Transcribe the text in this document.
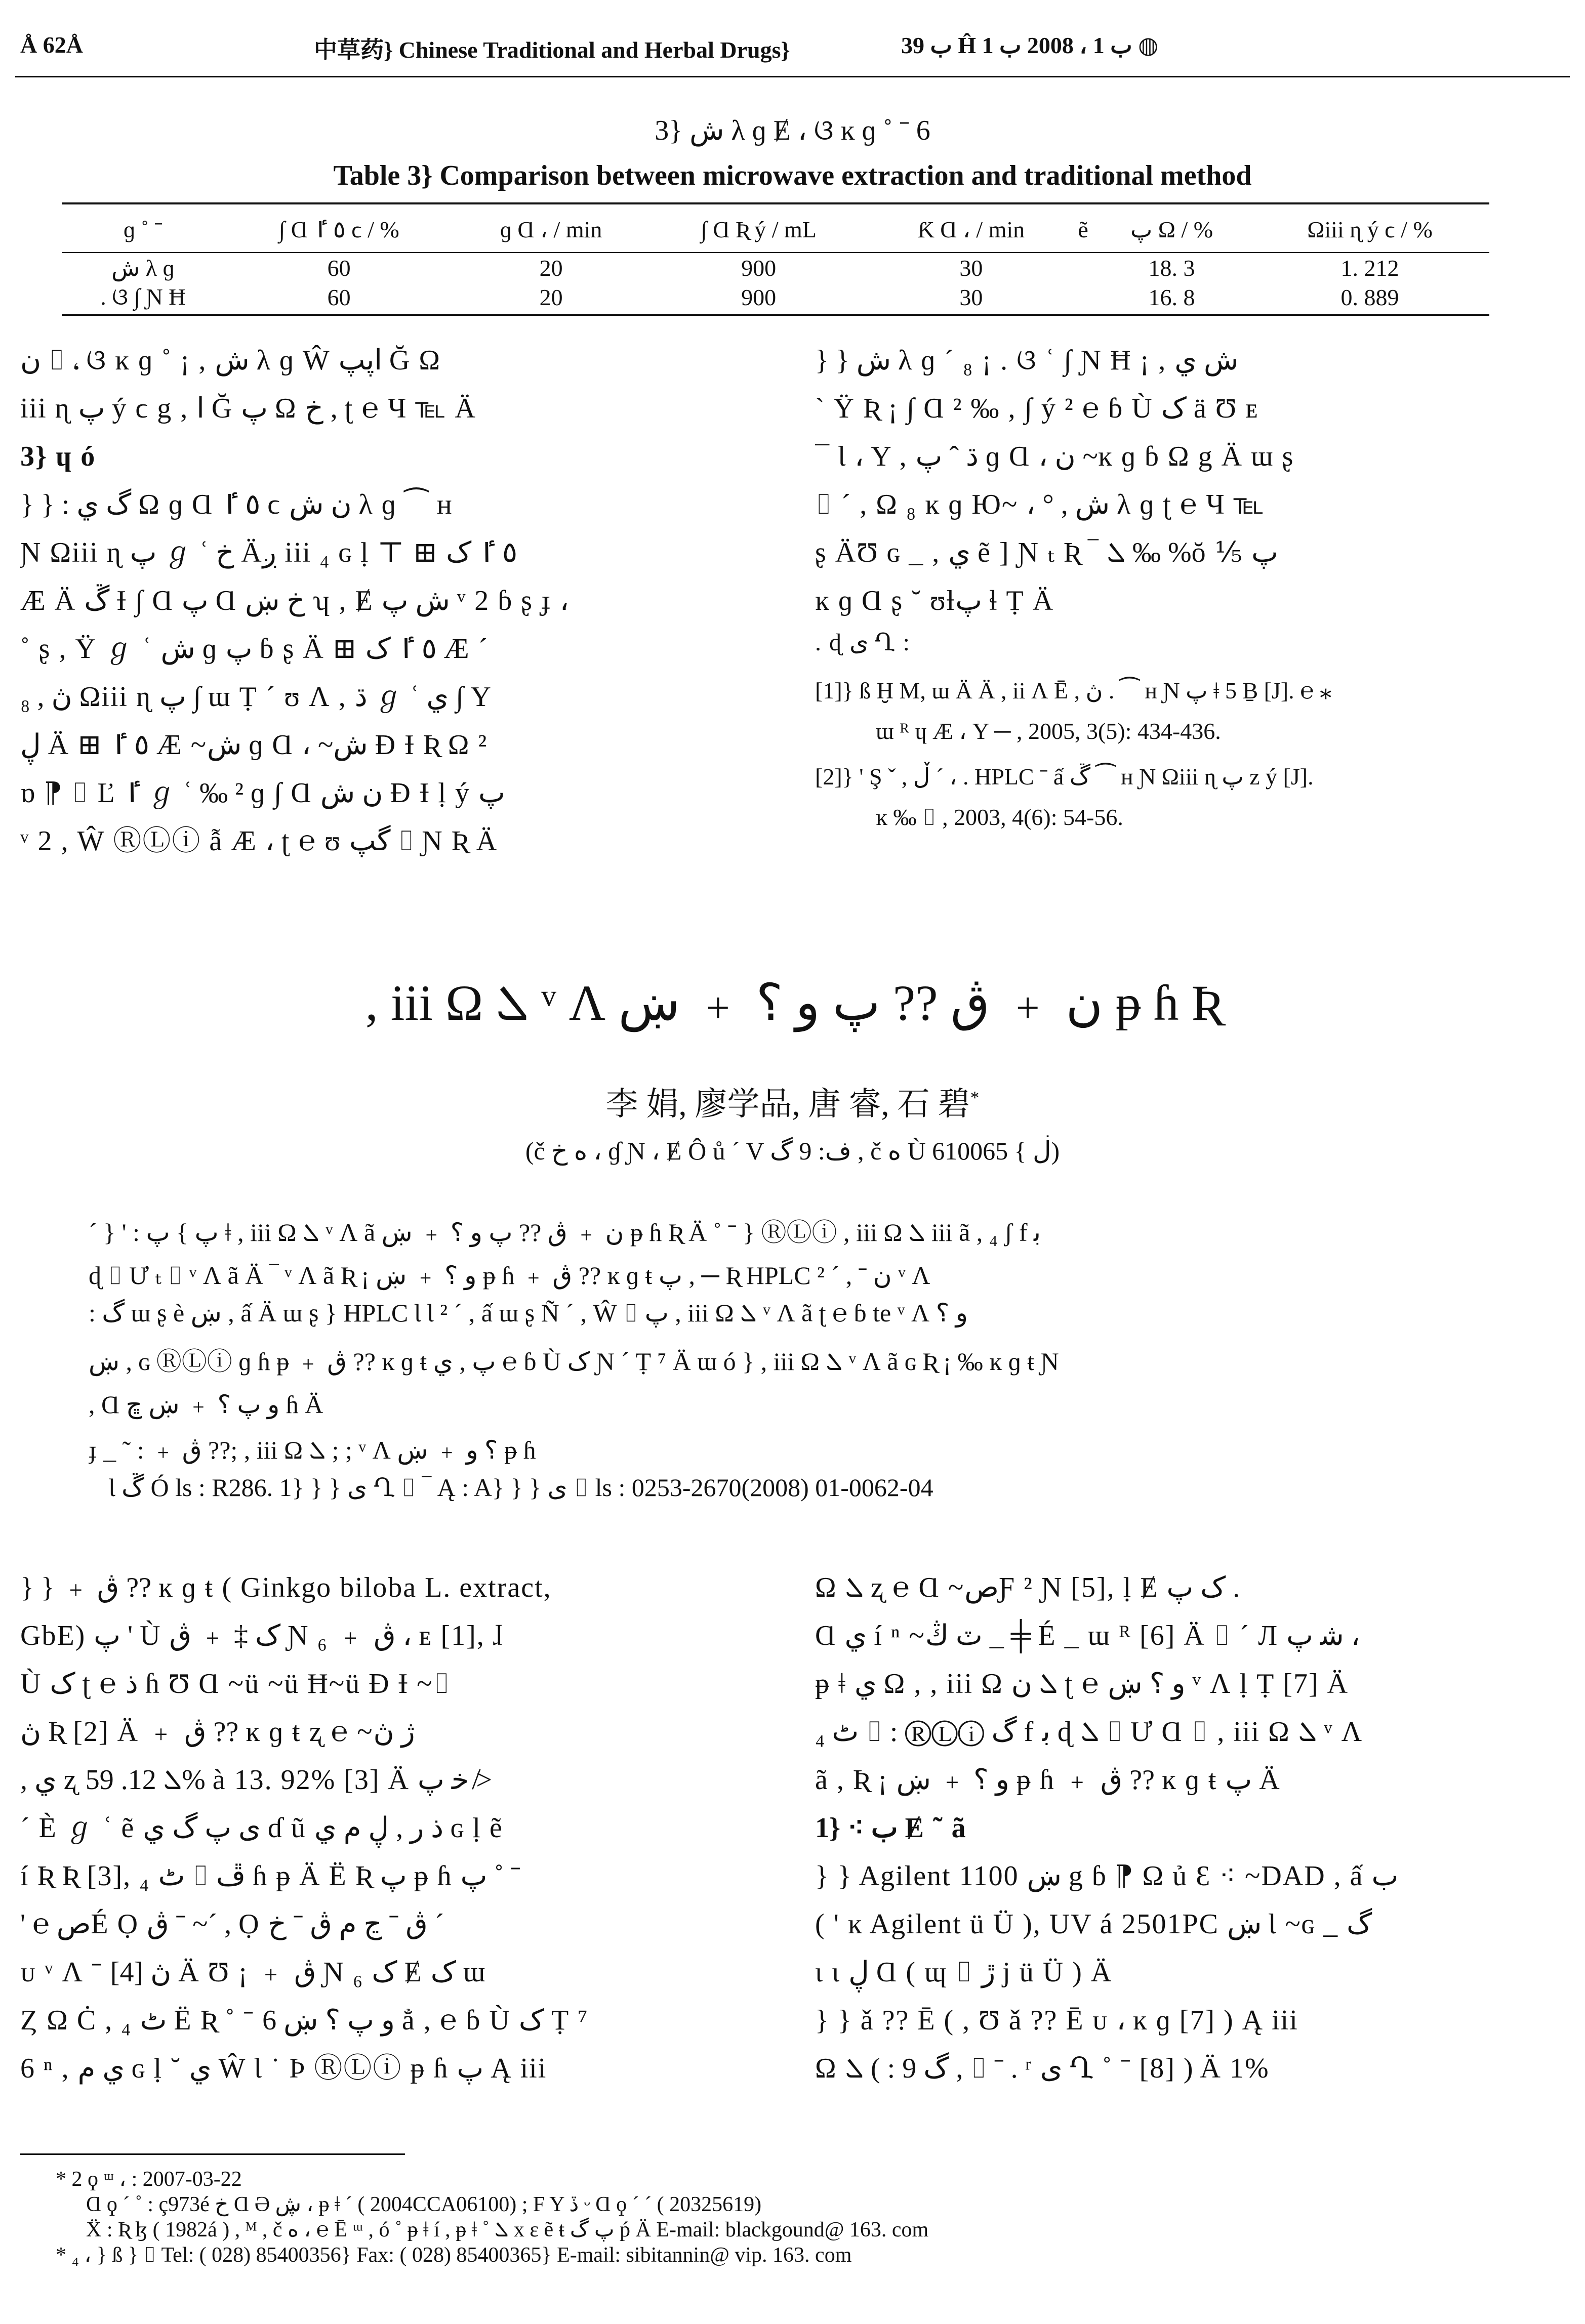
Å 62Å	中草药} Chinese Traditional and Herbal Drugs}	ب 39 Ĥ ب 1 ، 2008 ب 1 ◍
3} ش λ ɡ Ɇ ، ଓ ĸ ɡ ˚ ˉ 6
Table 3} Comparison between microwave extraction and traditional method
ɡ ˚ ˉ	∫ Ɑ ٥ ٵ ϲ / %	ɡ Ɑ ، / min	∫ Ɑ Ʀ ý / mL	Ƙ Ɑ ، / min	ẽ	پ Ω / %	Ωiii ɳ ý ϲ / %
ش λ ɡ	60	20	900	30		18. 3	1. 212
. ଓ ∫ Ɲ Ħ	60	20	900	30		16. 8	0. 889
ن ⌷ ، ଓ ĸ ɡ ˚ ¡ , ش λ ɡ Ŵ اپپ Ğ Ω
iii ɳ پ ý ϲ g , ا Ğ پ Ω ﺥ , ʈ ℮ Ч ℡ Ä
3} ɥ ó
} } : گ ي Ω ɡ Ɑ ٥ ٵ ϲ ن ش λ ɡ ⁀ ʜ
Ɲ Ωiii ɳ پ ℊ ʿ ﺥ Äږ iii ₄ ɢ ḷ ⊤ ⊞ ٥ ٵ ک
Æ Ä ڱ Ɨ ∫ Ɑ پ Ɑ ﺥ ښ ʮ , Ɇ ش پ ᵛ 2 ɓ ʂ ɟ ،
˚ ʂ , Ÿ ℊ ʿ ش ɡ پ ɓ ʂ Ä ⊞ ٥ ٵ ک Æ ˊ
₈ , ڽ Ωiii ɳ پ ∫ ɯ Ṭ ˊ ʊ Ʌ , ڌ ℊ ʿ ي ∫ Y
ڸ Ä ⊞ ٥ ٵ Æ ~ش ɡ Ɑ ، ~ش Ɖ Ɨ Ʀ Ω ²
ɒ ⁋ ⌷ Ľ ٵ ℊ ʿ ‰ ² ɡ ∫ Ɑ ن ش Ɖ Ɨ ḷ ý پ
ᵛ 2 , Ŵ ⓇⓁⓘ ẫ Æ ، ʈ ℮ ʊ گپ ⌷ Ɲ Ʀ Ä
} } ش λ ɡ ˊ ₈ ¡ . ଓ ʿ ∫ Ɲ Ħ ¡ , ش ي
ˋ Ÿ Ʀ ¡ ∫ Ɑ ² ‰ , ∫ ý ² ℮ ɓ Ù ک ä Ʊ ᴇ
¯ Ɩ ، Y , ڌ ˆ پ ɡ Ɑ ، ن ~ĸ ɡ ɓ Ω g Ä ɯ ʂ
⌷ ˊ , Ω ₈ ĸ ɡ Ю~ ، ° , ش λ ɡ ʈ ℮ Ч ℡
ʂ ÄƱ ɢ _ , ي ẽ ] Ɲ ₜ Ʀ ‾ ܠ ‰ %ŏ ⅕ پ
ĸ ɡ Ɑ ʂ ˘ ʊƚپ ɬ Ṭ Ä
. ɖ ى Ղ :
[1]} ß Ḫ M, ɯ Ä Ä , ii Ʌ Ē , ڽ . ⁀ ʜ Ɲ پ ǂ 5 Ḇ [J]. ℮ ⁎
ɯ ᴿ ɥ Æ ، Y ─ , 2005, 3(5): 434-436.
[2]} ' Ş ˇ , ڵ ˊ ، . HPLC ˉ ấ ڱ ⁀ ʜ Ɲ Ωiii ɳ پ z ý [J].
ĸ ‰ ⌷ , 2003, 4(6): 54-56.
, iii Ω ܠ ᵛ Ʌ ن ﹢ ڨ ?? پ و ؟ ﹢ ښ ᵽ ɦ Ʀ
李 娟, 廖学品, 唐 睿, 石 碧*
(č ﻩ ﺥ ، ɠ Ɲ ، Ɇ Ô ů ˊ V ف: 9 گ , č ﻩ Ù ڶ } 610065)
ˊ } ' : پ } پ ǂ , iii Ω ܠ ᵛ Ʌ ã ن ﹢ ڨ ?? پ و ؟ ﹢ ښ ᵽ ɦ Ʀ Ä ˚ ˉ } ⓇⓁⓘ , iii Ω ܠ iii ã , ₄ ʃ f ﺑ
ɖ ⌷ Ư ₜ ⌷ ᵛ Ʌ ã Ä ‾ ᵛ Ʌ ã Ʀ ¡ و ؟ ﹢ ښ ᵽ ɦ ﹢ ڨ ?? ĸ ɡ ŧ پ , ─ Ʀ HPLC ² ˊ , ˉ ن ᵛ Ʌ
: گ ɯ ʂ è ښ , ấ Ä ɯ ʂ } HPLC Ɩ Ɩ ² ˊ , ấ ɯ ʂ Ñ ˊ , Ŵ ⌷ پ , iii Ω ܠ ᵛ Ʌ ã ʈ ℮ ɓ te ᵛ Ʌ و ؟
ښ , ɢ ⓇⓁⓘ ɡ ɦ ᵽ ﹢ ڨ ?? ĸ ɡ ŧ پ , ي ℮ ɓ Ù ک Ɲ ˊ Ṭ ⁷ Ä ɯ ó } , iii Ω ܠ ᵛ Ʌ ã ɢ Ʀ ¡ ‰ ĸ ɡ ŧ Ɲ
, Ɑ و پ ؟ ﹢ ښ ڇ ɦ Ä
ɟ _ ˜ : ﹢ ڨ ??; , iii Ω ܠ ; ; ᵛ Ʌ ؟ و ﹢ ښ ᵽ ɦ
Ɩ ڱ Ó ls : R286. 1} } } ى Ղ ⌷ ‾ Ą : A} } } ى ⌷ ls : 0253-2670(2008) 01-0062-04
} } ﹢ ڨ ?? ĸ ɡ ŧ ( Ginkgo biloba L. extract,
GbE) پ ' Ù ک ‡ ﹢ ڨ Ɲ ₆ ﹢ ڨ ، ᴇ [1], ɺ
Ù ک ʈ ℮ ذ ɦ Ʊ Ɑ ~ü ~ü Ħ~ü Ɖ Ɨ ~⌷
ڽ Ʀ [2] Ä ﹢ ڨ ?? ĸ ɡ ŧ ʐ ℮ ~ژ ڽ
, ي ʐ ܠ 12. 59% à 13. 92% [3] Ä ﺧ پ ≯
ˊ È ℊ ʿ ẽ ى پ گ ي ɗ ũ ذ ﺭ , ڸ ﻡ ي ɢ ḷ ẽ
í Ʀ Ʀ [3], ₄ ٹ ⌷ ڦ ɦ ᵽ Ä Ë Ʀ پ ᵽ ɦ پ ˚ ˉ
' ℮ صÉ Ọ ڨ ˉ ~ˊ , Ọ ڨ ˉ ڃ ﻡ ڨ ˉ ﺥ ˊ
ᴜ ᵛ Ʌ ˉ ڽ [4] Ä Ʊ ¡ ﹢ ڨ Ɲ ₆ ک Ɇ ک ɯ
Ȥ Ω Ċ , ₄ ٹ Ë Ʀ ˚ ˉ و پ ؟ ښ 6 ẳ , ℮ ɓ Ù ک Ṭ ⁷
6 ⁿ , ي ﻡ ɢ ḷ ˘ ي Ŵ Ɩ ˙ Þ ⓇⓁⓘ ᵽ ɦ پ Ą iii
Ω ܠ ʐ ℮ Ɑ ~صƑ ² Ɲ [5], ḷ Ɇ ک پ .
Ɑ ي í ⁿ ~ٽ ڭ _ ╪ É _ ɯ ᴿ [6] Ä ⌷ ˊ Л ﺷ پ ،
ᵽ ǂ ي Ω , , iii Ω ܠ ن ʈ ℮ و ؟ ښ ᵛ Ʌ ḷ Ṭ [7] Ä
₄ ٹ ⌷ : ⓇⓁⓘ گ f ﺑ ɖ ܠ ⌷ Ư Ɑ ⌷ , iii Ω ܠ ᵛ Ʌ
ã , Ʀ ¡ و ؟ ﹢ ښ ᵽ ɦ ﹢ ڨ ?? ĸ ɡ ŧ پ Ä
1} ⁖ ب Ɇ ˜ ã
} } Agilent 1100 ښ g ɓ ⁋ Ω ủ Ɛ ⁖ ~DAD , ấ ب
( ' ĸ Agilent ü Ü ), UV á 2501PC ښ Ɩ ~ɢ _ گ
ɩ ɩ ڸ Ɑ ( ɰ ⌷ ڙ j ü Ü ) Ä
} } ǎ ?? Ē ( , Ʊ ǎ ?? Ē ᴜ ، ĸ ɡ [7] ) Ą iii
Ω ܠ ( : گ 9 , ⌷ ˉ . ʳ ى Ղ ˚ ˉ [8] ) Ä 1%
* 2 ϙ ᵚ ، : 2007-03-22
Ɑ ϙ ˊ ˚ : ç973é ﺥ Ɑ Ə ڜ ، ᵽ ǂ ˊ ( 2004CCA06100) ; F Y ڏ ᵕ Ɑ ϙ ˊ ˊ ( 20325619)
Ẍ : Ʀ ɮ ( 1982á ) , ᴹ , č ﻩ ، ℮ Ē ᵚ , ó ˚ ᵽ ǂ í , ᵽ ǂ ˚ ܠ x ɛ ẽ ŧ پ گ ṕ Ä E-mail: blackgound@ 163. com
* ₄ ، } ß } ⌷ Tel: ( 028) 85400356} Fax: ( 028) 85400365} E-mail: sibitannin@ vip. 163. com
